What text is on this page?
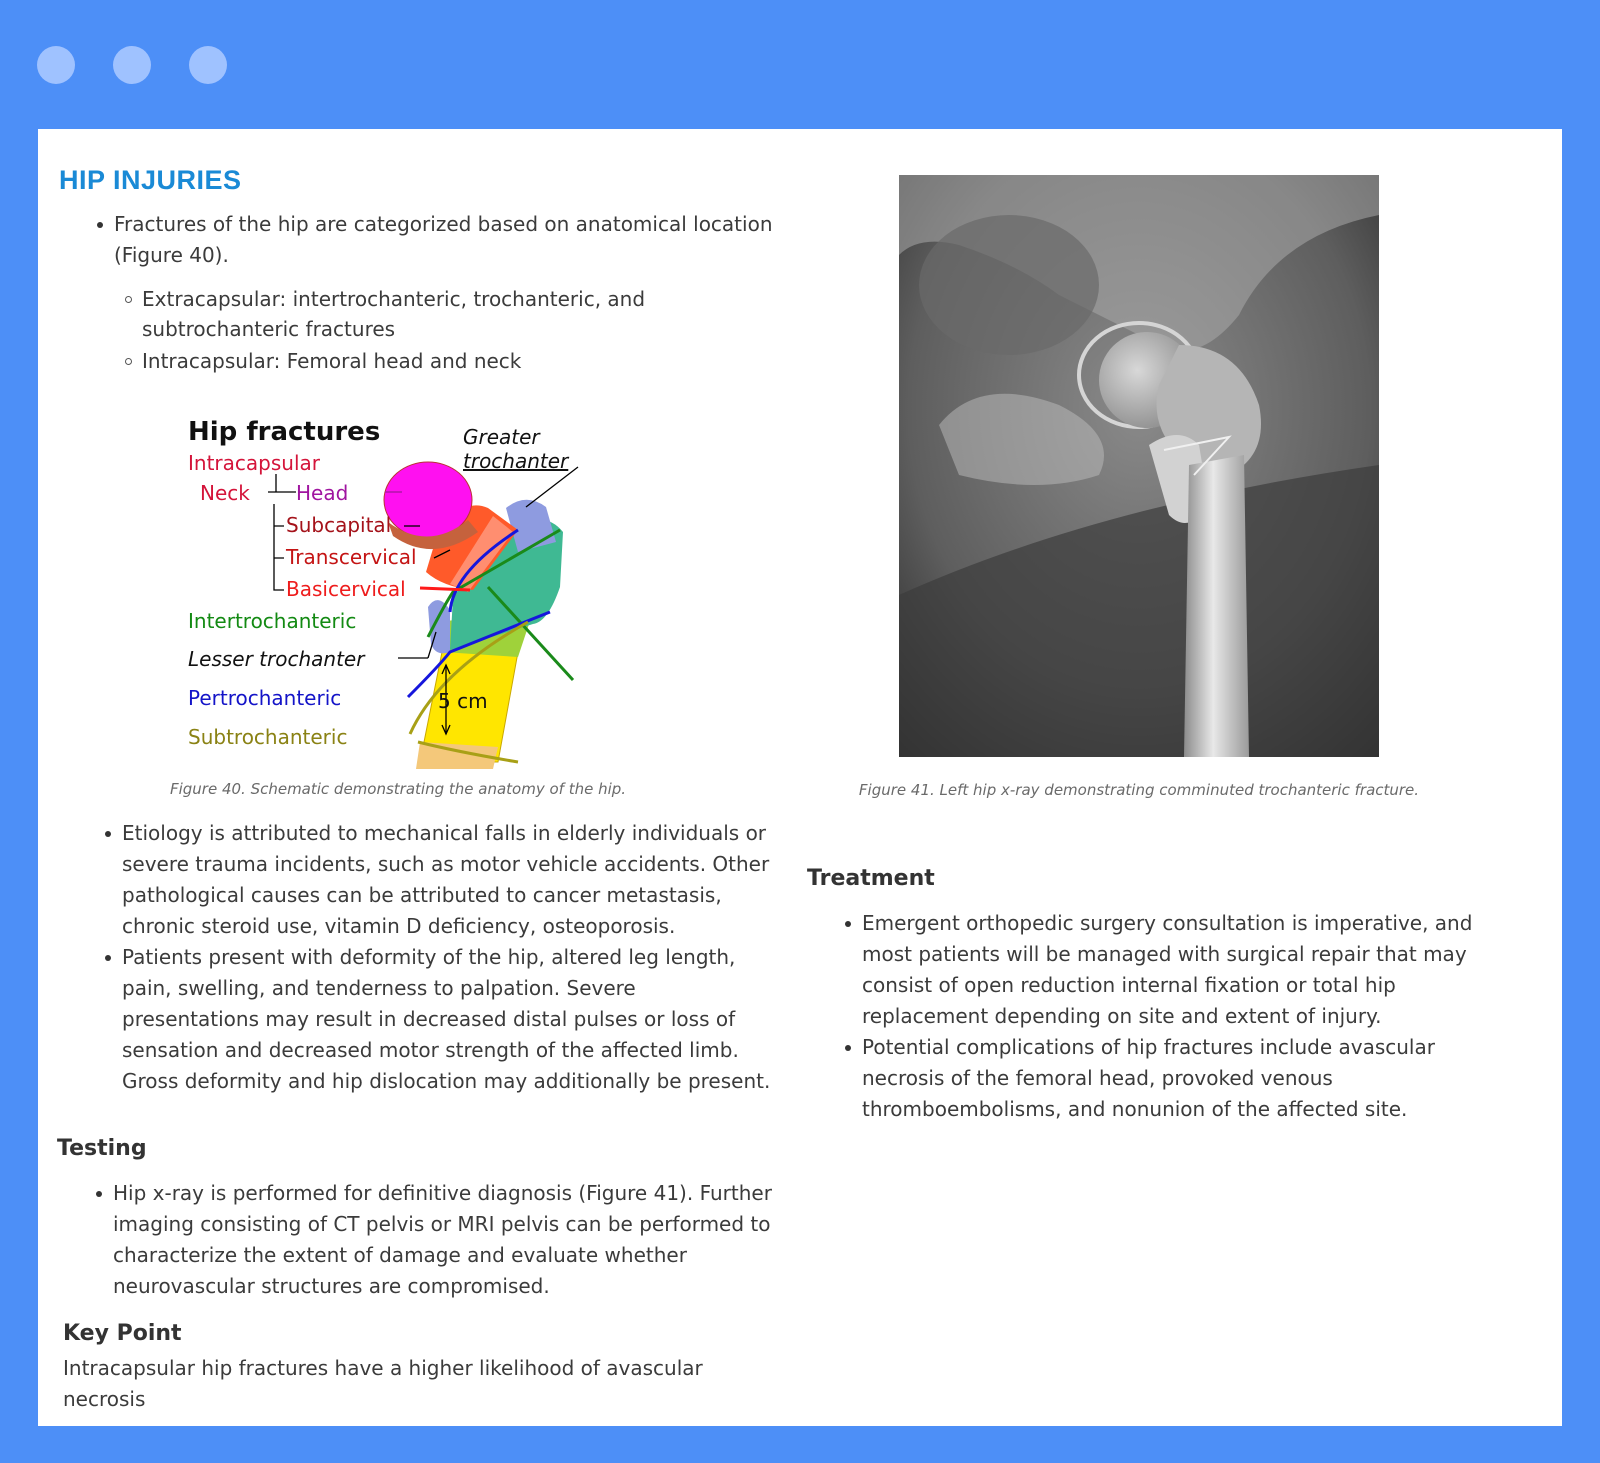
HIP INJURIES
Fractures of the hip are categorized based on anatomical location (Figure 40).
Extracapsular: intertrochanteric, trochanteric, and subtrochanteric fractures
Intracapsular: Femoral head and neck
Hip fractures	Greater
trochanter
Intracapsular
Neck Head
Subcapital
Transcervical
Basicervical
Intertrochanteric
Lesser trochanter
Pertrochanteric
Subtrochanteric
5 cm
Figure 40. Schematic demonstrating the anatomy of the hip.
Etiology is attributed to mechanical falls in elderly individuals or severe trauma incidents, such as motor vehicle accidents. Other pathological causes can be attributed to cancer metastasis, chronic steroid use, vitamin D deficiency, osteoporosis.
Patients present with deformity of the hip, altered leg length, pain, swelling, and tenderness to palpation. Severe presentations may result in decreased distal pulses or loss of sensation and decreased motor strength of the affected limb. Gross deformity and hip dislocation may additionally be present.
Testing
Hip x-ray is performed for definitive diagnosis (Figure 41). Further imaging consisting of CT pelvis or MRI pelvis can be performed to characterize the extent of damage and evaluate whether neurovascular structures are compromised.
Key Point
Intracapsular hip fractures have a higher likelihood of avascular necrosis
Figure 41. Left hip x-ray demonstrating comminuted trochanteric fracture.
Treatment
Emergent orthopedic surgery consultation is imperative, and most patients will be managed with surgical repair that may consist of open reduction internal fixation or total hip replacement depending on site and extent of injury.
Potential complications of hip fractures include avascular necrosis of the femoral head, provoked venous thromboembolisms, and nonunion of the affected site.
